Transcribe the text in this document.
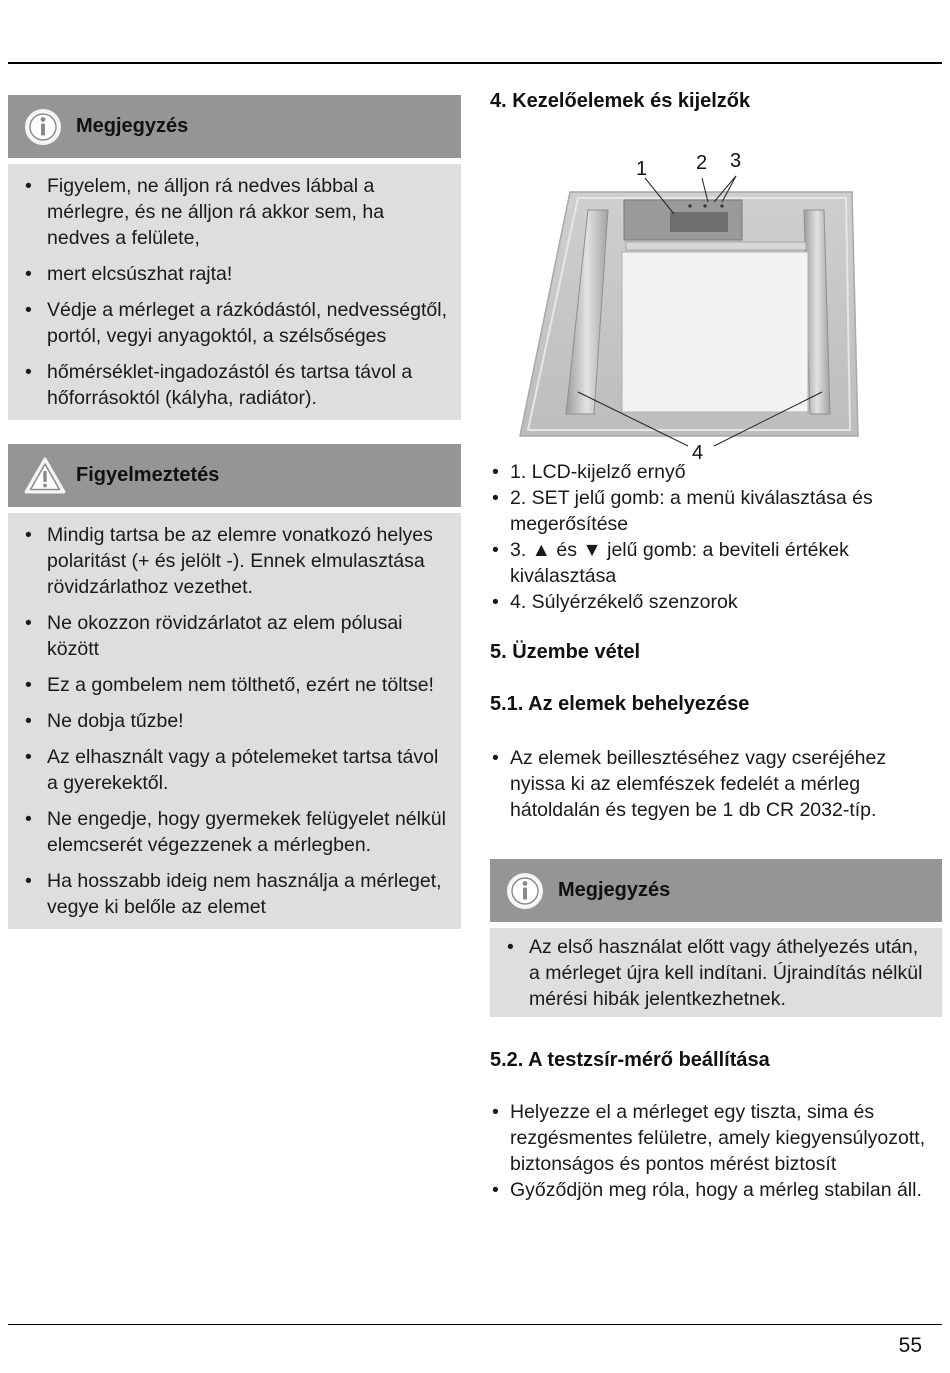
Megjegyzés
• Figyelem, ne álljon rá nedves lábbal a mérlegre, és ne álljon rá akkor sem, ha nedves a felülete,
• mert elcsúszhat rajta!
• Védje a mérleget a rázkódástól, nedvességtől, portól, vegyi anyagoktól, a szélsőséges
• hőmérséklet-ingadozástól és tartsa távol a hőforrásoktól (kályha, radiátor).
Figyelmeztetés
• Mindig tartsa be az elemre vonatkozó helyes polaritást (+ és jelölt -). Ennek elmulasztása rövidzárlathoz vezethet.
• Ne okozzon rövidzárlatot az elem pólusai között
• Ez a gombelem nem tölthető, ezért ne töltse!
• Ne dobja tűzbe!
• Az elhasznált vagy a pótelemeket tartsa távol a gyerekektől.
• Ne engedje, hogy gyermekek felügyelet nélkül elemcserét végezzenek a mérlegben.
• Ha hosszabb ideig nem használja a mérleget, vegye ki belőle az elemet
4. Kezelőelemek és kijelzők
1 2 3
4
• 1. LCD-kijelző ernyő
• 2. SET jelű gomb: a menü kiválasztása és megerősítése
• 3. ▲ és ▼ jelű gomb: a beviteli értékek kiválasztása
• 4. Súlyérzékelő szenzorok
5. Üzembe vétel
5.1. Az elemek behelyezése
• Az elemek beillesztéséhez vagy cseréjéhez nyissa ki az elemfészek fedelét a mérleg hátoldalán és tegyen be 1 db CR 2032-típ.
Megjegyzés
• Az első használat előtt vagy áthelyezés után, a mérleget újra kell indítani. Újraindítás nélkül mérési hibák jelentkezhetnek.
5.2. A testzsír-mérő beállítása
• Helyezze el a mérleget egy tiszta, sima és rezgésmentes felületre, amely kiegyensúlyozott, biztonságos és pontos mérést biztosít
• Győződjön meg róla, hogy a mérleg stabilan áll.
55
